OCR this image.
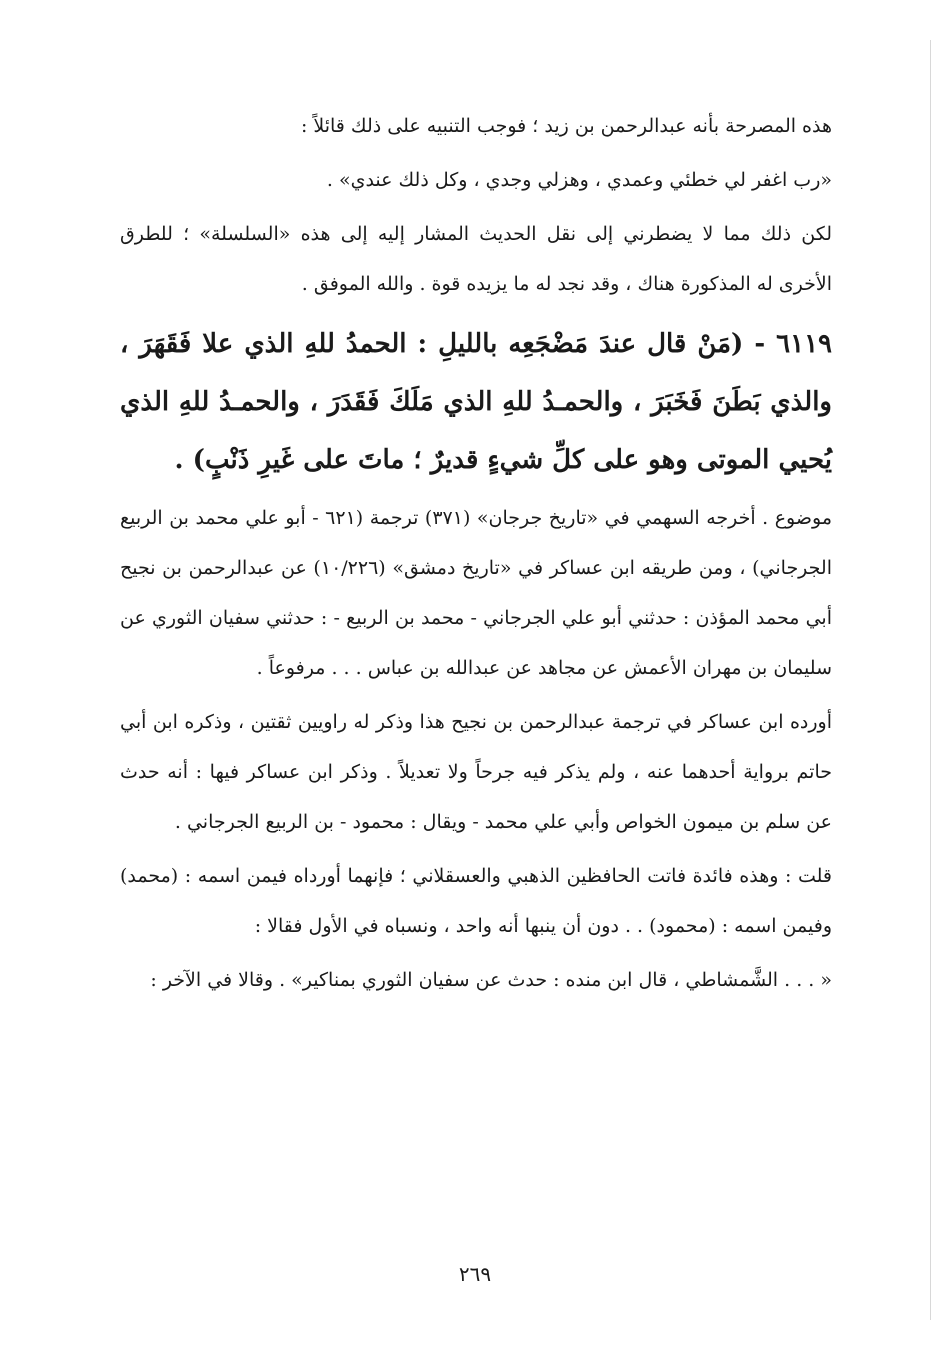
هذه المصرحة بأنه عبدالرحمن بن زيد ؛ فوجب التنبيه على ذلك قائلاً :

«رب اغفر لي خطئي وعمدي ، وهزلي وجدي ، وكل ذلك عندي» .

لكن ذلك مما لا يضطرني إلى نقل الحديث المشار إليه إلى هذه «السلسلة» ؛ للطرق الأخرى له المذكورة هناك ، وقد نجد له ما يزيده قوة . والله الموفق .

٦١١٩ - (مَنْ قال عندَ مَضْجَعِه بالليلِ : الحمدُ للهِ الذي علا فَقَهَرَ ، والذي بَطَنَ فَخَبَرَ ، والحمـدُ للهِ الذي مَلَكَ فَقَدَرَ ، والحمـدُ للهِ الذي يُحيي الموتى وهو على كلِّ شيءٍ قديرٌ ؛ ماتَ على غَيرِ ذَنْبٍ) .

موضوع . أخرجه السهمي في «تاريخ جرجان» (٣٧١) ترجمة (٦٢١ - أبو علي محمد بن الربيع الجرجاني) ، ومن طريقه ابن عساكر في «تاريخ دمشق» (١٠/٢٢٦) عن عبدالرحمن بن نجيح أبي محمد المؤذن : حدثني أبو علي الجرجاني - محمد بن الربيع - : حدثني سفيان الثوري عن سليمان بن مهران الأعمش عن مجاهد عن عبدالله بن عباس . . . مرفوعاً .

أورده ابن عساكر في ترجمة عبدالرحمن بن نجيح هذا وذكر له راويين ثقتين ، وذكره ابن أبي حاتم برواية أحدهما عنه ، ولم يذكر فيه جرحاً ولا تعديلاً . وذكر ابن عساكر فيها : أنه حدث عن سلم بن ميمون الخواص وأبي علي محمد - ويقال : محمود - بن الربيع الجرجاني .

قلت : وهذه فائدة فاتت الحافظين الذهبي والعسقلاني ؛ فإنهما أورداه فيمن اسمه : (محمد) وفيمن اسمه : (محمود) . . دون أن ينبها أنه واحد ، ونسباه في الأول فقالا :

« . . . الشَّمشاطي ، قال ابن منده : حدث عن سفيان الثوري بمناكير» . وقالا في الآخر :

٢٦٩
